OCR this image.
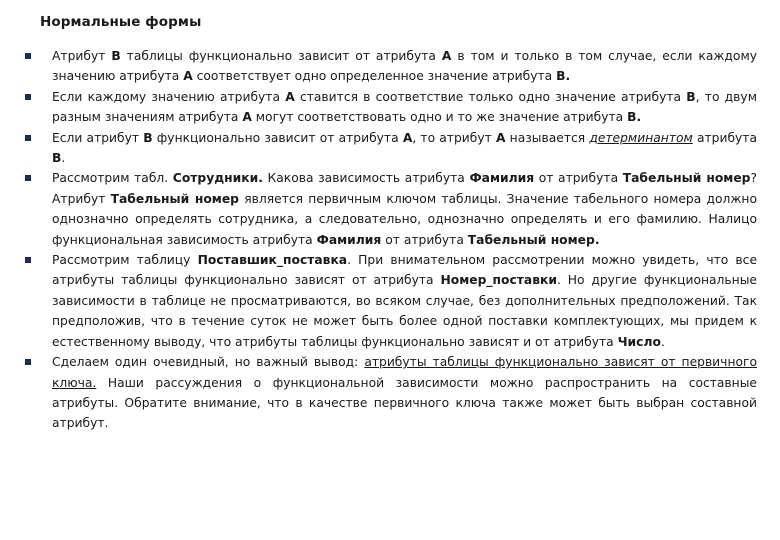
Нормальные формы
Атрибут В таблицы функционально зависит от атрибута А в том и только в том случае, если каждому значению атрибута А соответствует одно определенное значение атрибута В.
Если каждому значению атрибута А ставится в соответствие только одно значение атрибута В, то двум разным значениям атрибута А могут соответствовать одно и то же значение атрибута В.
Если атрибут В функционально зависит от атрибута А, то атрибут А называется детерминантом атрибута В.
Рассмотрим табл. Сотрудники. Какова зависимость атрибута Фамилия от атрибута Табельный номер? Атрибут Табельный номер является первичным ключом таблицы. Значение табельного номера должно однозначно определять сотрудника, а следовательно, однозначно определять и его фамилию. Налицо функциональная зависимость атрибута Фамилия от атрибута Табельный номер.
Рассмотрим таблицу Поставшик_поставка. При внимательном рассмотрении можно увидеть, что все атрибуты таблицы функционально зависят от атрибута Номер_поставки. Но другие функциональные зависимости в таблице не просматриваются, во всяком случае, без дополнительных предположений. Так предположив, что в течение суток не может быть более одной поставки комплектующих, мы придем к естественному выводу, что атрибуты таблицы функционально зависят и от атрибута Число.
Сделаем один очевидный, но важный вывод: атрибуты таблицы функционально зависят от первичного ключа. Наши рассуждения о функциональной зависимости можно распространить на составные атрибуты. Обратите внимание, что в качестве первичного ключа также может быть выбран составной атрибут.
